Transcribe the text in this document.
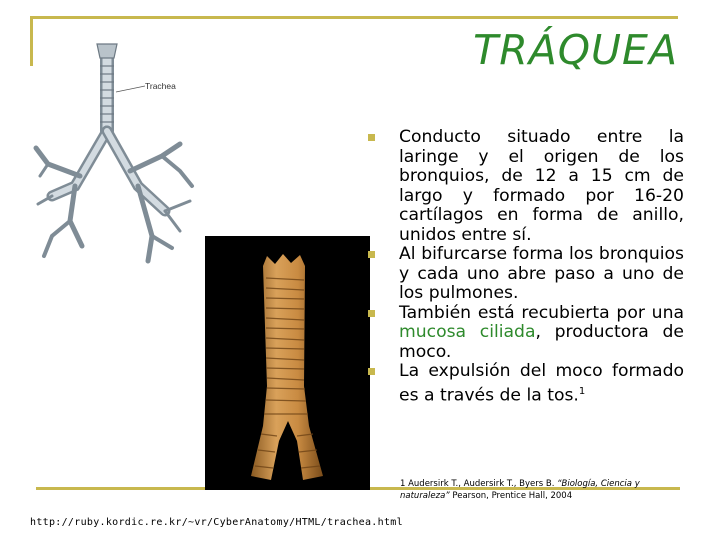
TRÁQUEA
Trachea
Conducto situado entre la laringe y el origen de los bronquios, de 12 a 15 cm de largo y formado por 16-20 cartílagos en forma de anillo, unidos entre sí.
Al bifurcarse forma los bronquios y cada uno abre paso a uno de los pulmones.
También está recubierta por una mucosa ciliada, productora de moco.
La expulsión del moco formado es a través de la tos.$^1$
1 Audersirk T., Audersirk T., Byers B. “Biología, Ciencia y naturaleza” Pearson, Prentice Hall, 2004
http://ruby.kordic.re.kr/~vr/CyberAnatomy/HTML/trachea.html
